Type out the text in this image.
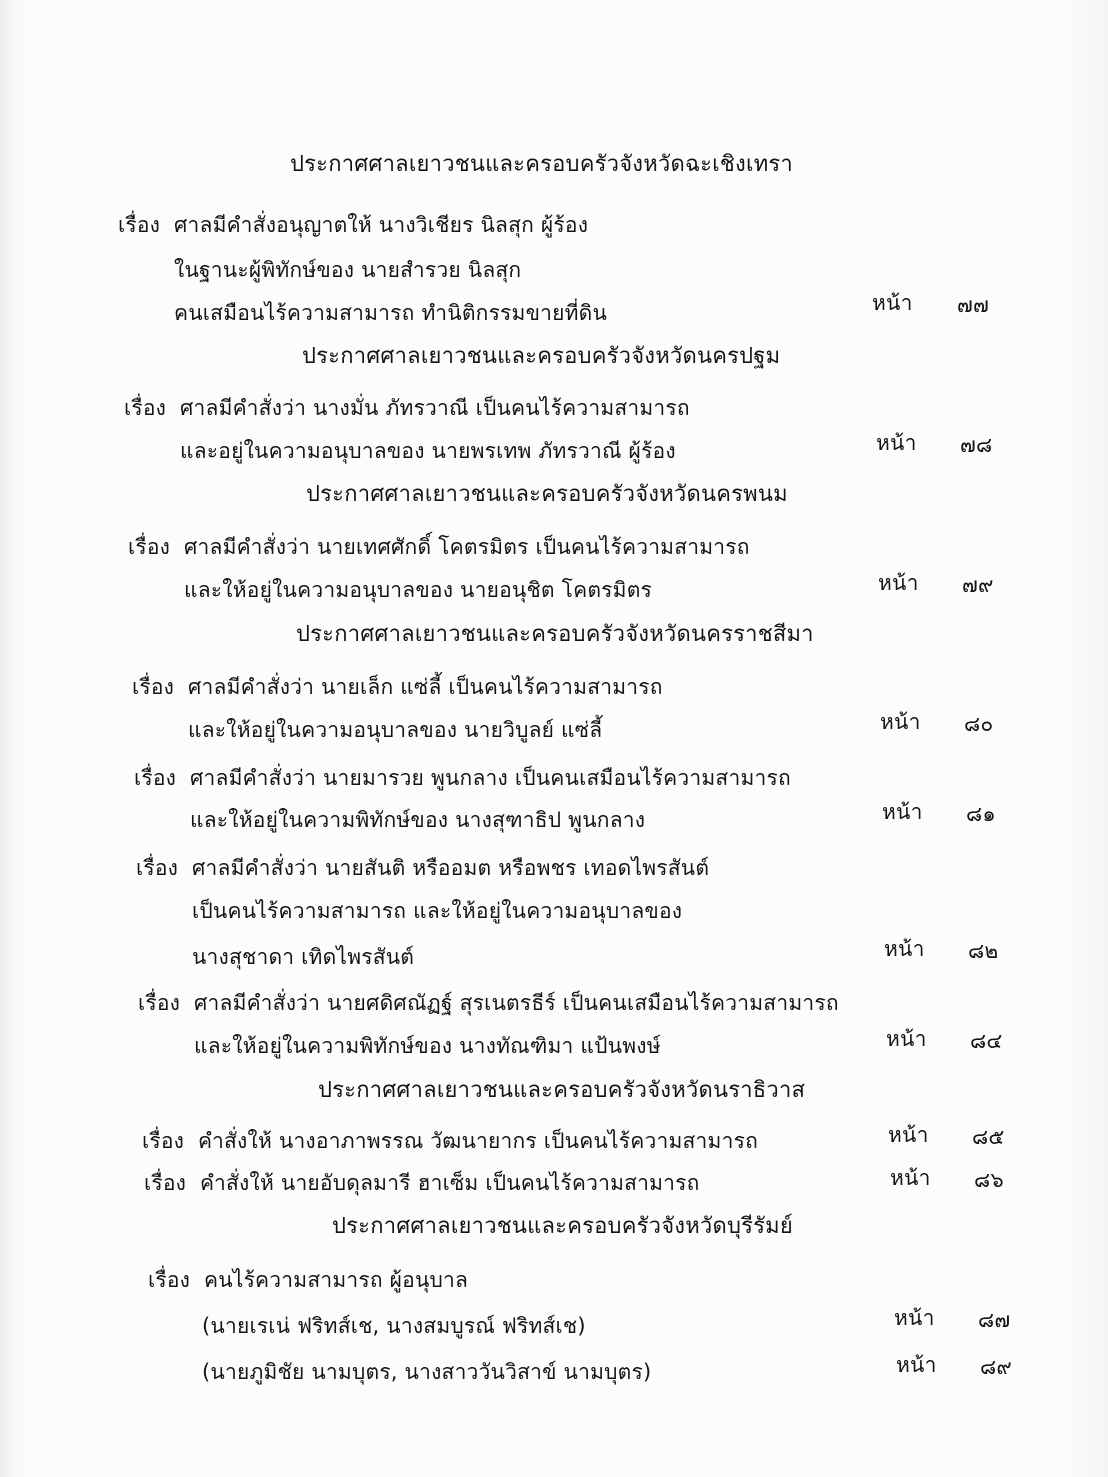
ประกาศศาลเยาวชนและครอบครัวจังหวัดฉะเชิงเทรา
เรื่อง ศาลมีคำสั่งอนุญาตให้ นางวิเชียร นิลสุก ผู้ร้อง
ในฐานะผู้พิทักษ์ของ นายสำรวย นิลสุก
คนเสมือนไร้ความสามารถ ทำนิติกรรมขายที่ดิน	หน้า ๗๗
ประกาศศาลเยาวชนและครอบครัวจังหวัดนครปฐม
เรื่อง ศาลมีคำสั่งว่า นางมั่น ภัทรวาณี เป็นคนไร้ความสามารถ
และอยู่ในความอนุบาลของ นายพรเทพ ภัทรวาณี ผู้ร้อง	หน้า ๗๘
ประกาศศาลเยาวชนและครอบครัวจังหวัดนครพนม
เรื่อง ศาลมีคำสั่งว่า นายเทศศักดิ์ โคตรมิตร เป็นคนไร้ความสามารถ
และให้อยู่ในความอนุบาลของ นายอนุชิต โคตรมิตร	หน้า ๗๙
ประกาศศาลเยาวชนและครอบครัวจังหวัดนครราชสีมา
เรื่อง ศาลมีคำสั่งว่า นายเล็ก แซ่ลี้ เป็นคนไร้ความสามารถ
และให้อยู่ในความอนุบาลของ นายวิบูลย์ แซ่ลี้	หน้า ๘๐
เรื่อง ศาลมีคำสั่งว่า นายมารวย พูนกลาง เป็นคนเสมือนไร้ความสามารถ
และให้อยู่ในความพิทักษ์ของ นางสุฑาธิป พูนกลาง	หน้า ๘๑
เรื่อง ศาลมีคำสั่งว่า นายสันติ หรืออมต หรือพชร เทอดไพรสันต์
เป็นคนไร้ความสามารถ และให้อยู่ในความอนุบาลของ
นางสุชาดา เทิดไพรสันต์	หน้า ๘๒
เรื่อง ศาลมีคำสั่งว่า นายศดิศณัฏฐ์ สุรเนตรธีร์ เป็นคนเสมือนไร้ความสามารถ
และให้อยู่ในความพิทักษ์ของ นางทัณฑิมา แป้นพงษ์	หน้า ๘๔
ประกาศศาลเยาวชนและครอบครัวจังหวัดนราธิวาส
เรื่อง คำสั่งให้ นางอาภาพรรณ วัฒนายากร เป็นคนไร้ความสามารถ	หน้า ๘๕
เรื่อง คำสั่งให้ นายอับดุลมารี ฮาเซ็ม เป็นคนไร้ความสามารถ	หน้า ๘๖
ประกาศศาลเยาวชนและครอบครัวจังหวัดบุรีรัมย์
เรื่อง คนไร้ความสามารถ ผู้อนุบาล
(นายเรเน่ ฟริทส์เช, นางสมบูรณ์ ฟริทส์เช)	หน้า ๘๗
(นายภูมิชัย นามบุตร, นางสาววันวิสาข์ นามบุตร)	หน้า ๘๙
